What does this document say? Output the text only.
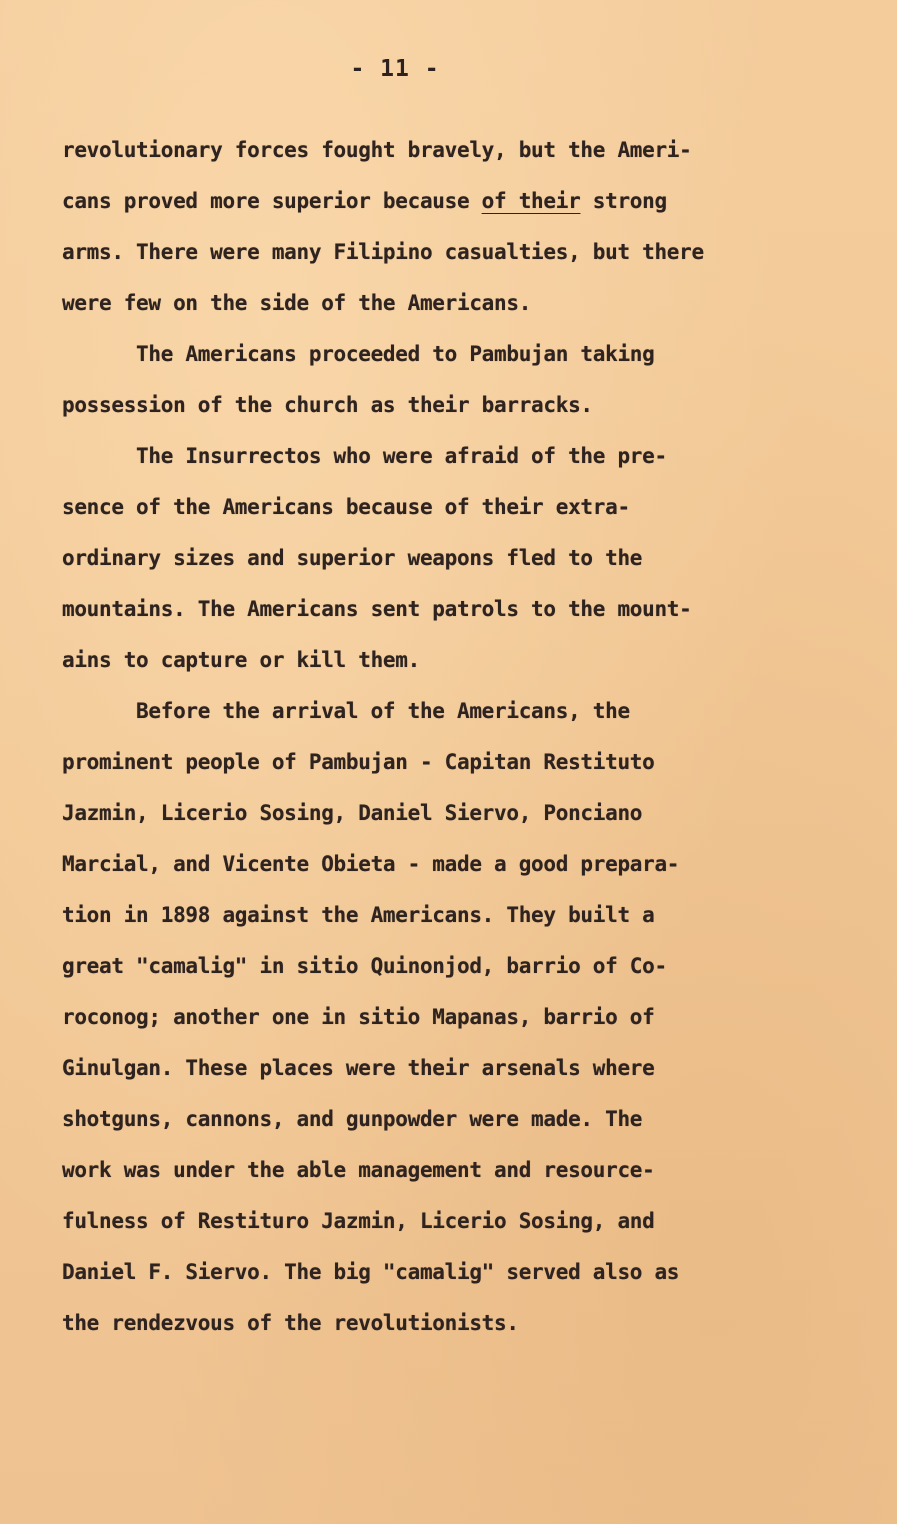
- 11 -
revolutionary forces fought bravely, but the Ameri-
cans proved more superior because of their strong
arms. There were many Filipino casualties, but there
were few on the side of the Americans.
The Americans proceeded to Pambujan taking
possession of the church as their barracks.
The Insurrectos who were afraid of the pre-
sence of the Americans because of their extra-
ordinary sizes and superior weapons fled to the
mountains. The Americans sent patrols to the mount-
ains to capture or kill them.
Before the arrival of the Americans, the
prominent people of Pambujan - Capitan Restituto
Jazmin, Licerio Sosing, Daniel Siervo, Ponciano
Marcial, and Vicente Obieta - made a good prepara-
tion in 1898 against the Americans. They built a
great "camalig" in sitio Quinonjod, barrio of Co-
roconog; another one in sitio Mapanas, barrio of
Ginulgan. These places were their arsenals where
shotguns, cannons, and gunpowder were made. The
work was under the able management and resource-
fulness of Restituro Jazmin, Licerio Sosing, and
Daniel F. Siervo. The big "camalig" served also as
the rendezvous of the revolutionists.
